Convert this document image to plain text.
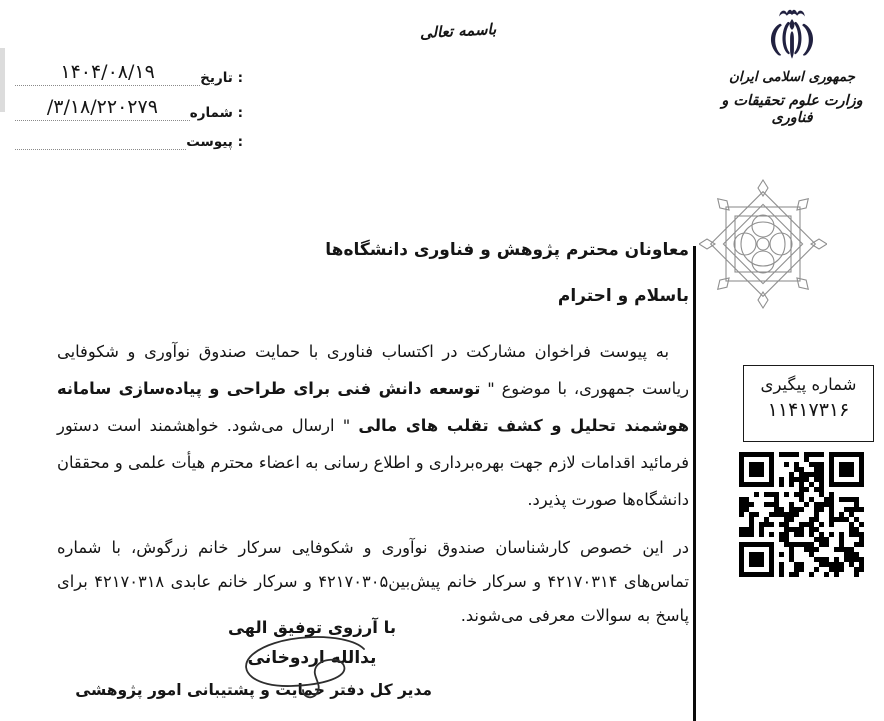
تاریخ :
۱۴۰۴/۰۸/۱۹
شماره :
/۳/۱۸/۲۲۰۲۷۹
پیوست :
باسمه تعالی
جمهوری اسلامی ایران
وزارت علوم تحقیقات و فناوری
شماره پیگیری
۱۱۴۱۷۳۱۶
معاونان محترم پژوهش و فناوری دانشگاه‌ها
باسلام و احترام
به پیوست فراخوان مشارکت در اکتساب فناوری با حمایت صندوق نوآوری و شکوفایی ریاست جمهوری، با موضوع " توسعه دانش فنی برای طراحی و پیاده‌سازی سامانه هوشمند تحلیل و کشف تقلب های مالی " ارسال می‌شود. خواهشمند است دستور فرمائید اقدامات لازم جهت بهره‌برداری و اطلاع رسانی به اعضاء محترم هیأت علمی و محققان دانشگاه‌ها صورت پذیرد.
در این خصوص کارشناسان صندوق نوآوری و شکوفایی سرکار خانم زرگوش، با شماره تماس‌های ۴۲۱۷۰۳۱۴ و سرکار خانم پیش‌بین۴۲۱۷۰۳۰۵ و سرکار خانم عابدی ۴۲۱۷۰۳۱۸ برای پاسخ به سوالات معرفی می‌شوند.
با آرزوی توفیق الهی
یدالله اردوخانی
مدیر کل دفتر حمایت و پشتیبانی امور پژوهشی
